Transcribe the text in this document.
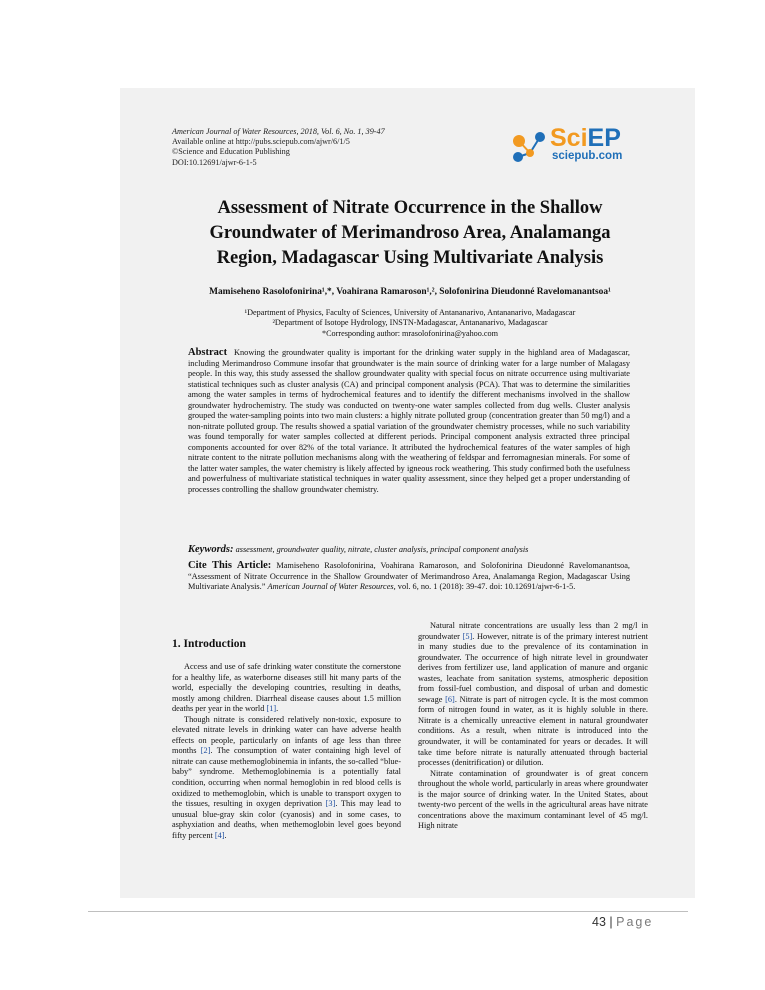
American Journal of Water Resources, 2018, Vol. 6, No. 1, 39-47
Available online at http://pubs.sciepub.com/ajwr/6/1/5
©Science and Education Publishing
DOI:10.12691/ajwr-6-1-5
SciEP
sciepub.com
Assessment of Nitrate Occurrence in the Shallow Groundwater of Merimandroso Area, Analamanga Region, Madagascar Using Multivariate Analysis
Mamiseheno Rasolofonirina¹,*, Voahirana Ramaroson¹,², Solofonirina Dieudonné Ravelomanantsoa¹
¹Department of Physics, Faculty of Sciences, University of Antananarivo, Antananarivo, Madagascar
²Department of Isotope Hydrology, INSTN-Madagascar, Antananarivo, Madagascar
*Corresponding author: mrasolofonirina@yahoo.com

Abstract Knowing the groundwater quality is important for the drinking water supply in the highland area of Madagascar, including Merimandroso Commune insofar that groundwater is the main source of drinking water for a large number of Malagasy people. In this way, this study assessed the shallow groundwater quality with special focus on nitrate occurrence using multivariate statistical techniques such as cluster analysis (CA) and principal component analysis (PCA). That was to determine the similarities among the water samples in terms of hydrochemical features and to identify the different mechanisms involved in the shallow groundwater hydrochemistry. The study was conducted on twenty-one water samples collected from dug wells. Cluster analysis grouped the water-sampling points into two main clusters: a highly nitrate polluted group (concentration greater than 50 mg/l) and a non-nitrate polluted group. The results showed a spatial variation of the groundwater chemistry processes, while no such variability was found temporally for water samples collected at different periods. Principal component analysis extracted three principal components accounted for over 82% of the total variance. It attributed the hydrochemical features of the water samples of high nitrate content to the nitrate pollution mechanisms along with the weathering of feldspar and ferromagnesian minerals. For some of the latter water samples, the water chemistry is likely affected by igneous rock weathering. This study confirmed both the usefulness and powerfulness of multivariate statistical techniques in water quality assessment, since they helped get a proper understanding of processes controlling the shallow groundwater chemistry.

Keywords: assessment, groundwater quality, nitrate, cluster analysis, principal component analysis

Cite This Article: Mamiseheno Rasolofonirina, Voahirana Ramaroson, and Solofonirina Dieudonné Ravelomanantsoa, “Assessment of Nitrate Occurrence in the Shallow Groundwater of Merimandroso Area, Analamanga Region, Madagascar Using Multivariate Analysis.” American Journal of Water Resources, vol. 6, no. 1 (2018): 39-47. doi: 10.12691/ajwr-6-1-5.

1. Introduction

Access and use of safe drinking water constitute the cornerstone for a healthy life, as waterborne diseases still hit many parts of the world, especially the developing countries, resulting in deaths, mostly among children. Diarrheal disease causes about 1.5 million deaths per year in the world [1].

Though nitrate is considered relatively non-toxic, exposure to elevated nitrate levels in drinking water can have adverse health effects on people, particularly on infants of age less than three months [2]. The consumption of water containing high level of nitrate can cause methemoglobinemia in infants, the so-called “blue-baby” syndrome. Methemoglobinemia is a potentially fatal condition, occurring when normal hemoglobin in red blood cells is oxidized to methemoglobin, which is unable to transport oxygen to the tissues, resulting in oxygen deprivation [3]. This may lead to unusual blue-gray skin color (cyanosis) and in some cases, to asphyxiation and deaths, when methemoglobin level goes beyond fifty percent [4].

Natural nitrate concentrations are usually less than 2 mg/l in groundwater [5]. However, nitrate is of the primary interest nutrient in many studies due to the prevalence of its contamination in groundwater. The occurrence of high nitrate level in groundwater derives from fertilizer use, land application of manure and organic wastes, leachate from sanitation systems, atmospheric deposition from fossil-fuel combustion, and disposal of urban and domestic sewage [6]. Nitrate is part of nitrogen cycle. It is the most common form of nitrogen found in water, as it is highly soluble in there. Nitrate is a chemically unreactive element in natural groundwater conditions. As a result, when nitrate is introduced into the groundwater, it will be contaminated for years or decades. It will take time before nitrate is naturally attenuated through bacterial processes (denitrification) or dilution.

Nitrate contamination of groundwater is of great concern throughout the whole world, particularly in areas where groundwater is the major source of drinking water. In the United States, about twenty-two percent of the wells in the agricultural areas have nitrate concentrations above the maximum contaminant level of 45 mg/l. High nitrate

43 | Page
